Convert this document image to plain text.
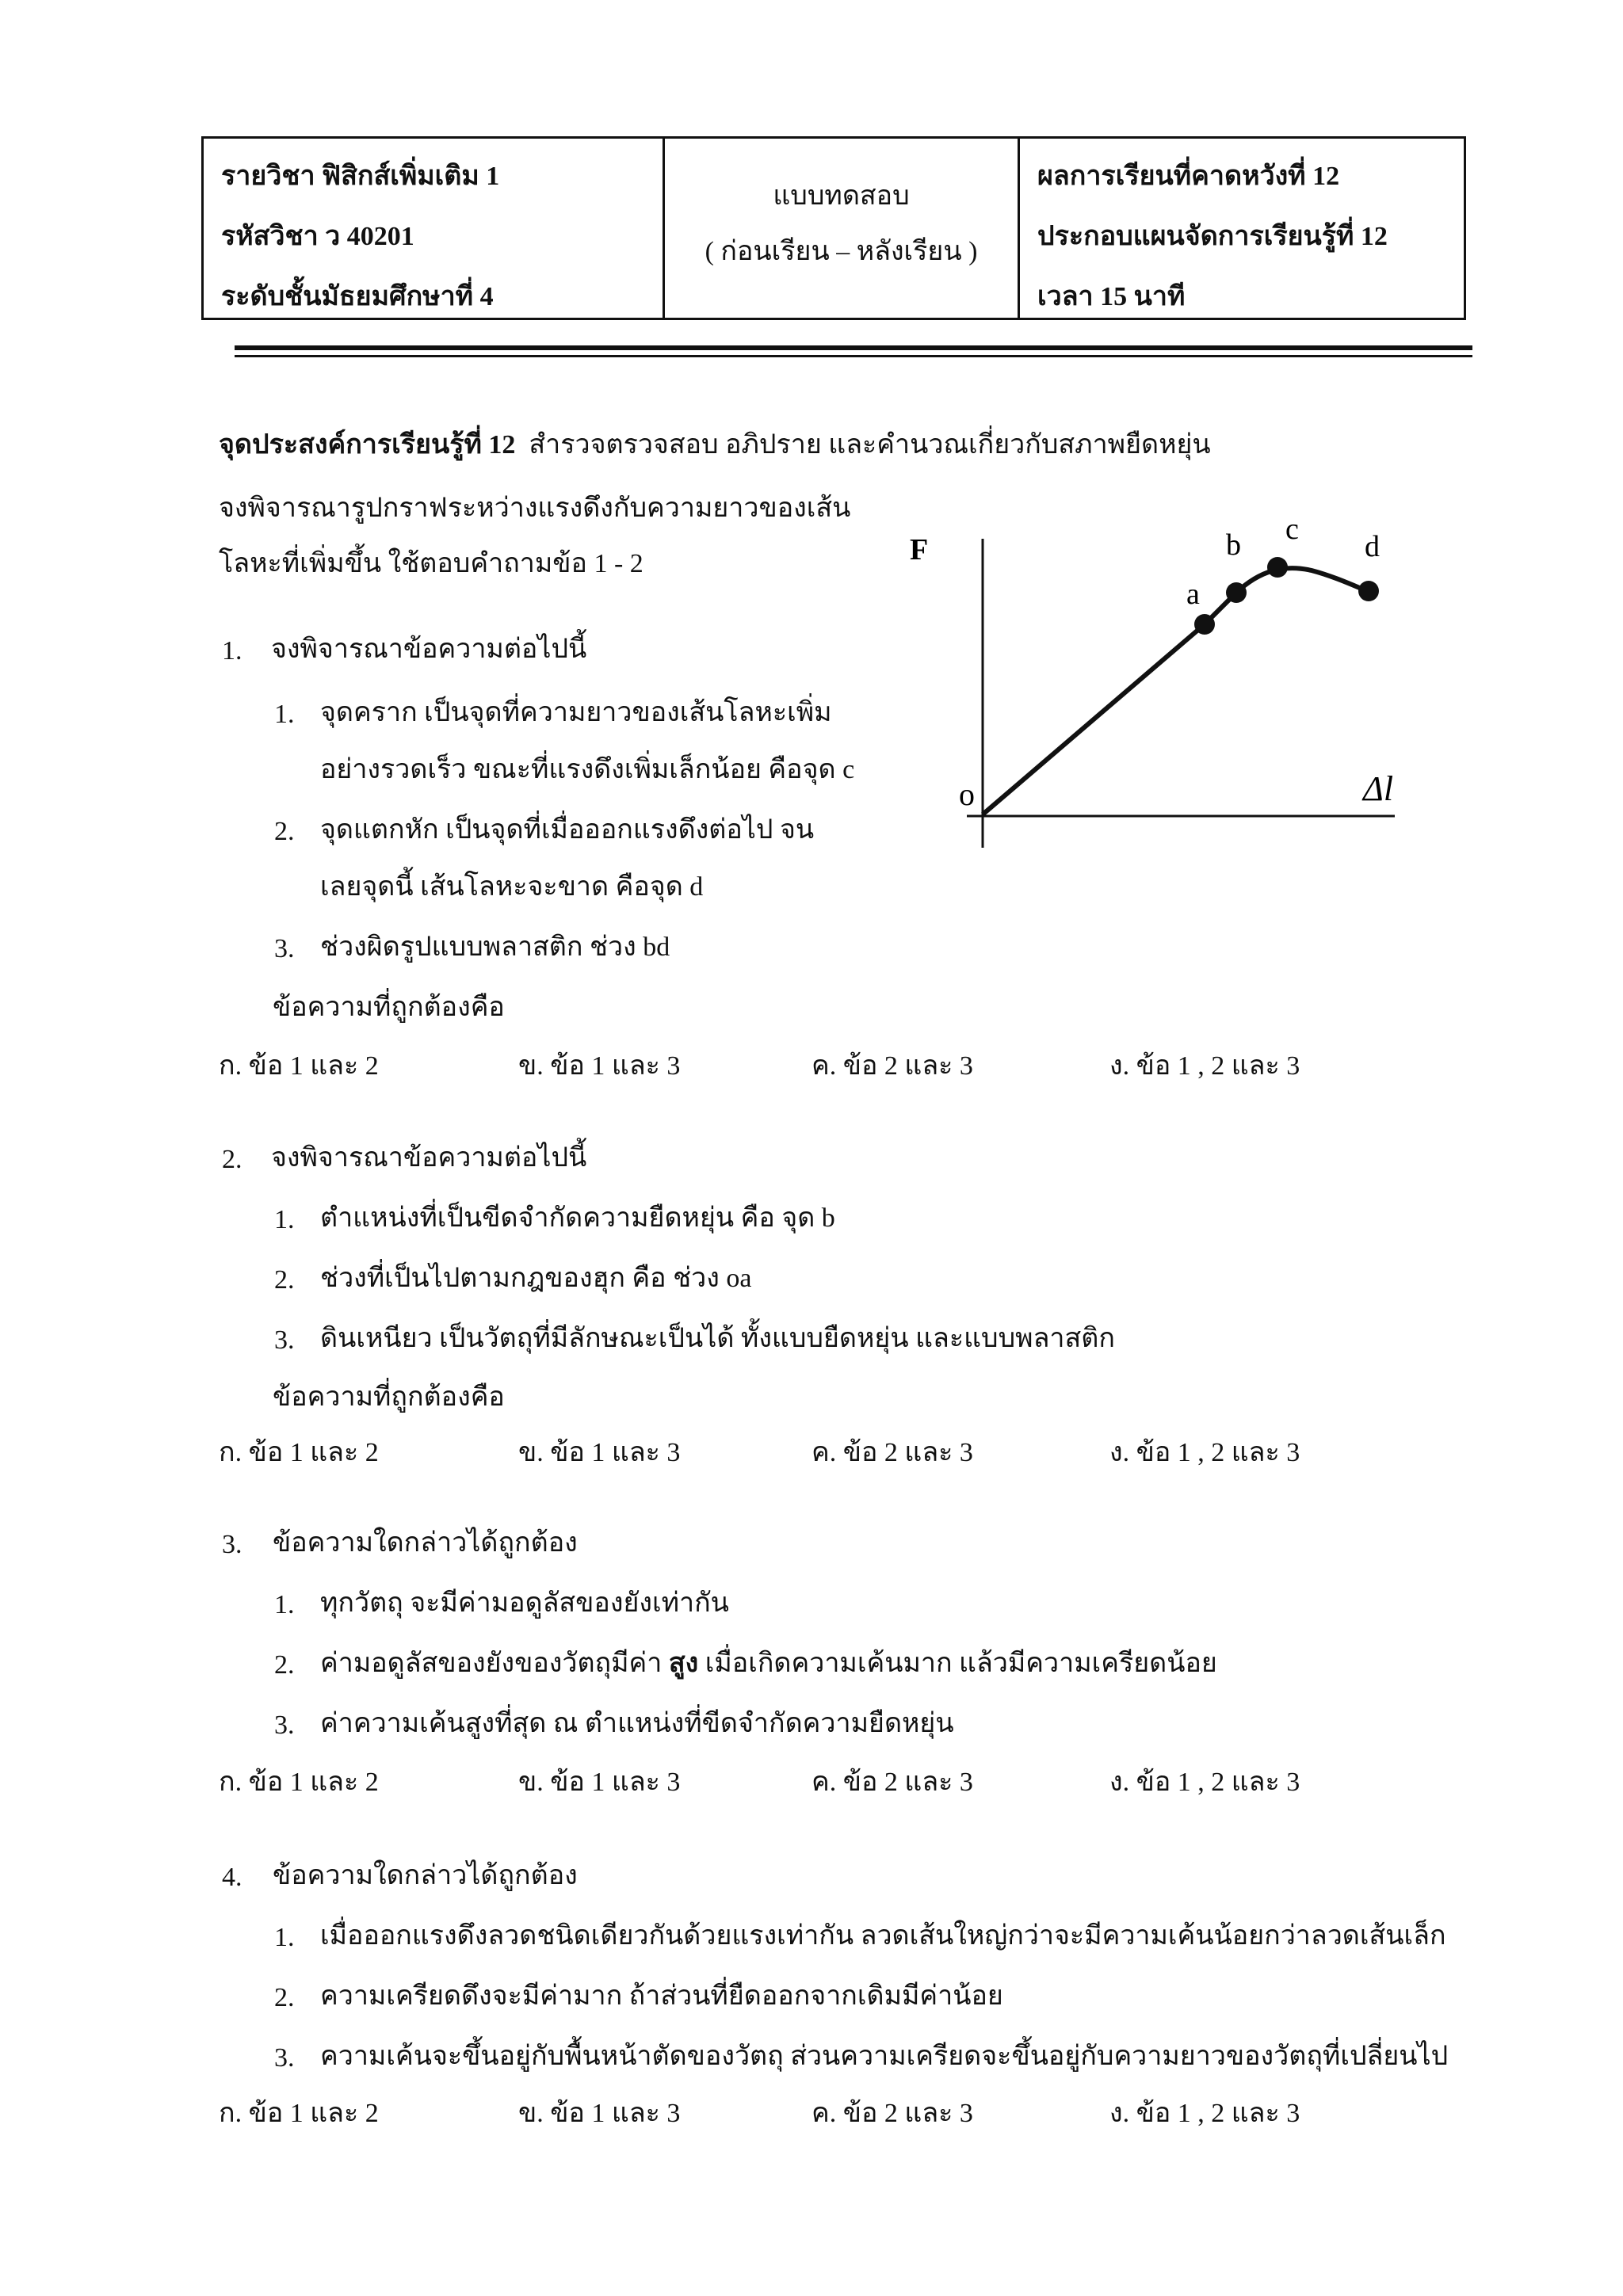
รายวิชา ฟิสิกส์เพิ่มเติม 1
รหัสวิชา ว 40201
ระดับชั้นมัธยมศึกษาที่ 4
แบบทดสอบ
( ก่อนเรียน – หลังเรียน )
ผลการเรียนที่คาดหวังที่ 12
ประกอบแผนจัดการเรียนรู้ที่ 12
เวลา 15 นาที
จุดประสงค์การเรียนรู้ที่ 12 สำรวจตรวจสอบ อภิปราย และคำนวณเกี่ยวกับสภาพยืดหยุ่น
จงพิจารณารูปกราฟระหว่างแรงดึงกับความยาวของเส้น
โลหะที่เพิ่มขึ้น ใช้ตอบคำถามข้อ 1 - 2	F
o	Δl
a
b c
d
1. จงพิจารณาข้อความต่อไปนี้
1. จุดคราก เป็นจุดที่ความยาวของเส้นโลหะเพิ่ม
อย่างรวดเร็ว ขณะที่แรงดึงเพิ่มเล็กน้อย คือจุด c
2. จุดแตกหัก เป็นจุดที่เมื่อออกแรงดึงต่อไป จน
เลยจุดนี้ เส้นโลหะจะขาด คือจุด d
3. ช่วงผิดรูปแบบพลาสติก ช่วง bd
ข้อความที่ถูกต้องคือ
ก. ข้อ 1 และ 2	ข. ข้อ 1 และ 3	ค. ข้อ 2 และ 3	ง. ข้อ 1 , 2 และ 3
2. จงพิจารณาข้อความต่อไปนี้
1. ตำแหน่งที่เป็นขีดจำกัดความยืดหยุ่น คือ จุด b
2. ช่วงที่เป็นไปตามกฎของฮุก คือ ช่วง oa
3. ดินเหนียว เป็นวัตถุที่มีลักษณะเป็นได้ ทั้งแบบยืดหยุ่น และแบบพลาสติก
ข้อความที่ถูกต้องคือ
ก. ข้อ 1 และ 2	ข. ข้อ 1 และ 3	ค. ข้อ 2 และ 3	ง. ข้อ 1 , 2 และ 3
3. ข้อความใดกล่าวได้ถูกต้อง
1. ทุกวัตถุ จะมีค่ามอดูลัสของยังเท่ากัน
2. ค่ามอดูลัสของยังของวัตถุมีค่า สูง เมื่อเกิดความเค้นมาก แล้วมีความเครียดน้อย
3. ค่าความเค้นสูงที่สุด ณ ตำแหน่งที่ขีดจำกัดความยืดหยุ่น
ก. ข้อ 1 และ 2	ข. ข้อ 1 และ 3	ค. ข้อ 2 และ 3	ง. ข้อ 1 , 2 และ 3
4. ข้อความใดกล่าวได้ถูกต้อง
1. เมื่อออกแรงดึงลวดชนิดเดียวกันด้วยแรงเท่ากัน ลวดเส้นใหญ่กว่าจะมีความเค้นน้อยกว่าลวดเส้นเล็ก
2. ความเครียดดึงจะมีค่ามาก ถ้าส่วนที่ยืดออกจากเดิมมีค่าน้อย
3. ความเค้นจะขึ้นอยู่กับพื้นหน้าตัดของวัตถุ ส่วนความเครียดจะขึ้นอยู่กับความยาวของวัตถุที่เปลี่ยนไป
ก. ข้อ 1 และ 2	ข. ข้อ 1 และ 3	ค. ข้อ 2 และ 3	ง. ข้อ 1 , 2 และ 3
